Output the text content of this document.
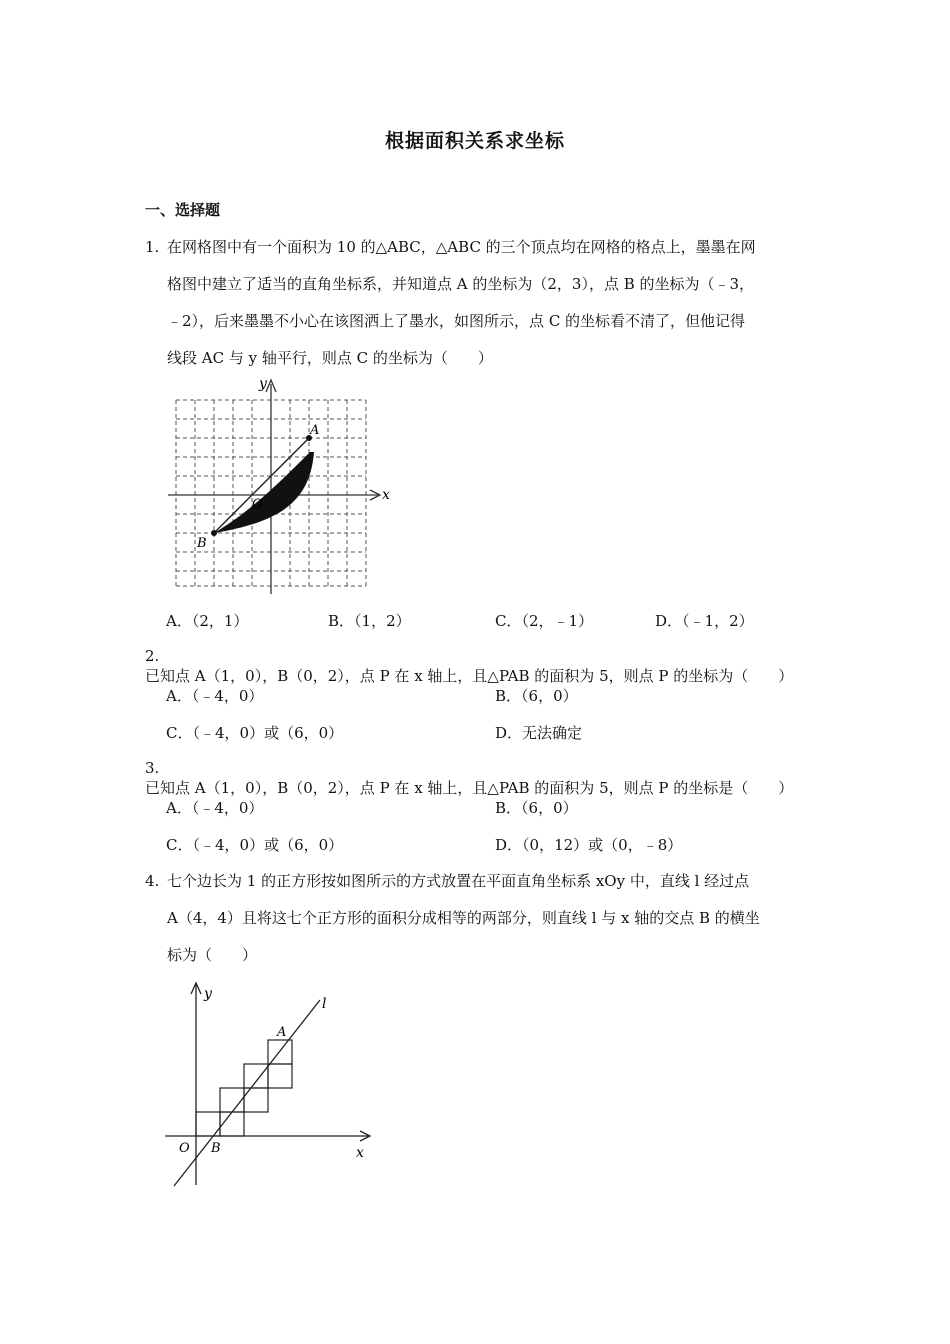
根据面积关系求坐标
一、选择题
1. 在网格图中有一个面积为 10 的△ABC，△ABC 的三个顶点均在网格的格点上，墨墨在网
格图中建立了适当的直角坐标系，并知道点 A 的坐标为（2，3），点 B 的坐标为（﹣3，
﹣2），后来墨墨不小心在该图洒上了墨水，如图所示，点 C 的坐标看不清了，但他记得
线段 AC 与 y 轴平行，则点 C 的坐标为（　　）
y
x
A
B
O
A．（2，1）	B．（1，2）	C．（2，﹣1）	D．（﹣1，2）
2.已知点 A（1，0），B（0，2），点 P 在 x 轴上，且△PAB 的面积为 5，则点 P 的坐标为（　　）
A．（﹣4，0）	B．（6，0）
C．（﹣4，0）或（6，0）	D．无法确定
3.已知点 A（1，0），B（0，2），点 P 在 x 轴上，且△PAB 的面积为 5，则点 P 的坐标是（　　）
A．（﹣4，0）	B．（6，0）
C．（﹣4，0）或（6，0）	D．（0，12）或（0，﹣8）
4. 七个边长为 1 的正方形按如图所示的方式放置在平面直角坐标系 xOy 中，直线 l 经过点
A（4，4）且将这七个正方形的面积分成相等的两部分，则直线 l 与 x 轴的交点 B 的横坐
标为（　　）
y
x
l
A
B
O
